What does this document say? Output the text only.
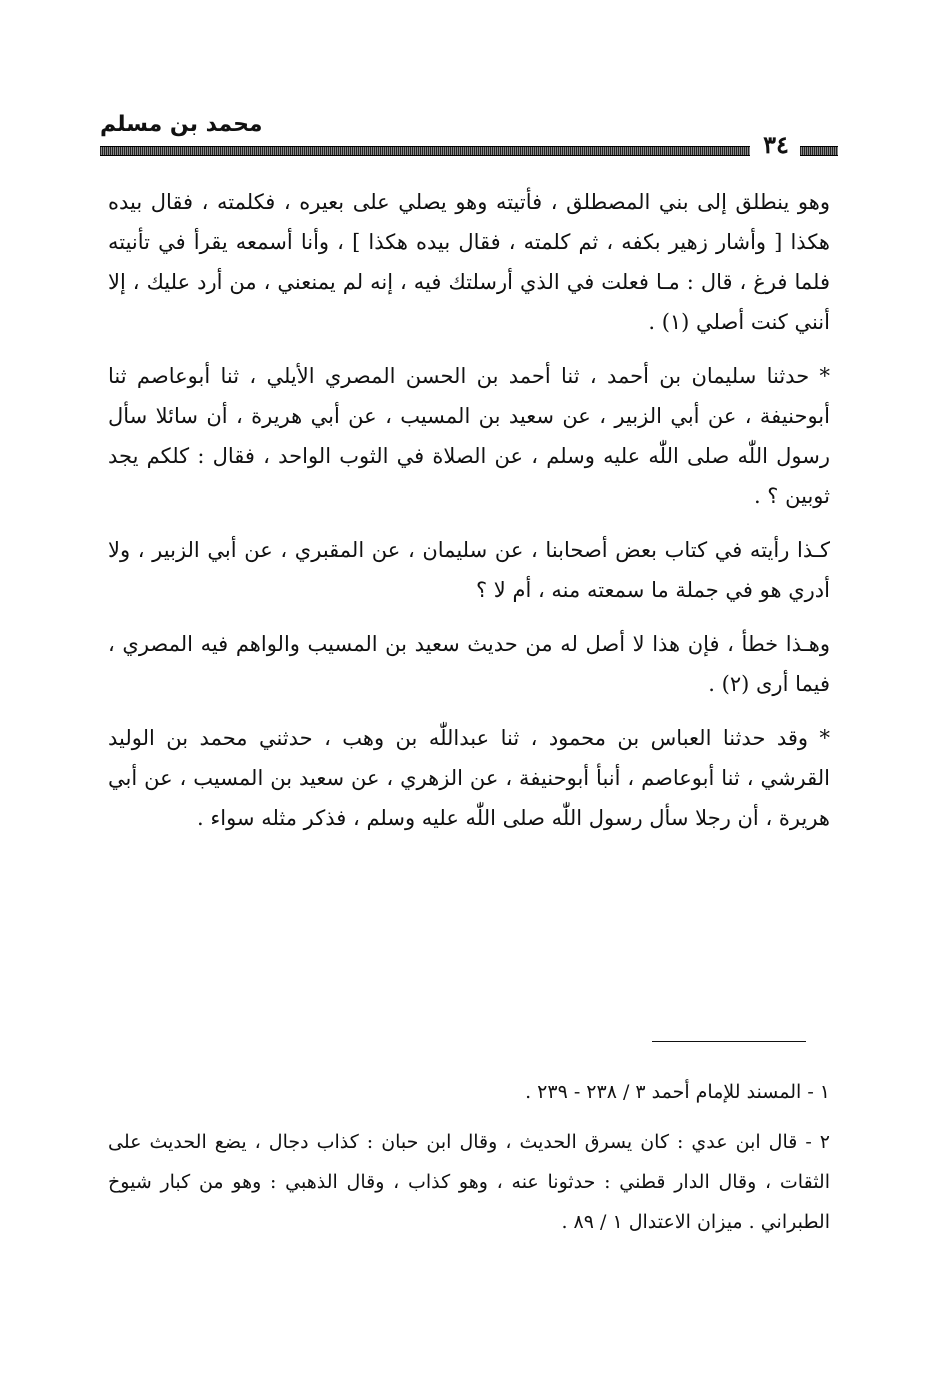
محمد بن مسلم
٣٤

وهو ينطلق إلى بني المصطلق ، فأتيته وهو يصلي على بعيره ، فكلمته ، فقال بيده هكذا [ وأشار زهير بكفه ، ثم كلمته ، فقال بيده هكذا ] ، وأنا أسمعه يقرأ في تأنيته فلما فرغ ، قال : مـا فعلت في الذي أرسلتك فيه ، إنه لم يمنعني ، من أرد عليك ، إلا أنني كنت أصلي (١) .

* حدثنا سليمان بن أحمد ، ثنا أحمد بن الحسن المصري الأيلي ، ثنا أبوعاصم ثنا أبوحنيفة ، عن أبي الزبير ، عن سعيد بن المسيب ، عن أبي هريرة ، أن سائلا سأل رسول اللّٰه صلى اللّٰه عليه وسلم ، عن الصلاة في الثوب الواحد ، فقال : كلكم يجد ثوبين ؟ .

كـذا رأيته في كتاب بعض أصحابنا ، عن سليمان ، عن المقبري ، عن أبي الزبير ، ولا أدري هو في جملة ما سمعته منه ، أم لا ؟

وهـذا خطأ ، فإن هذا لا أصل له من حديث سعيد بن المسيب والواهم فيه المصري ، فيما أرى (٢) .

* وقد حدثنا العباس بن محمود ، ثنا عبداللّٰه بن وهب ، حدثني محمد بن الوليد القرشي ، ثنا أبوعاصم ، أنبأ أبوحنيفة ، عن الزهري ، عن سعيد بن المسيب ، عن أبي هريرة ، أن رجلا سأل رسول اللّٰه صلى اللّٰه عليه وسلم ، فذكر مثله سواء .

١ - المسند للإمام أحمد ٣ / ٢٣٨ - ٢٣٩ .

٢ - قال ابن عدي : كان يسرق الحديث ، وقال ابن حبان : كذاب دجال ، يضع الحديث على الثقات ، وقال الدار قطني : حدثونا عنه ، وهو كذاب ، وقال الذهبي : وهو من كبار شيوخ الطبراني . ميزان الاعتدال ١ / ٨٩ .
